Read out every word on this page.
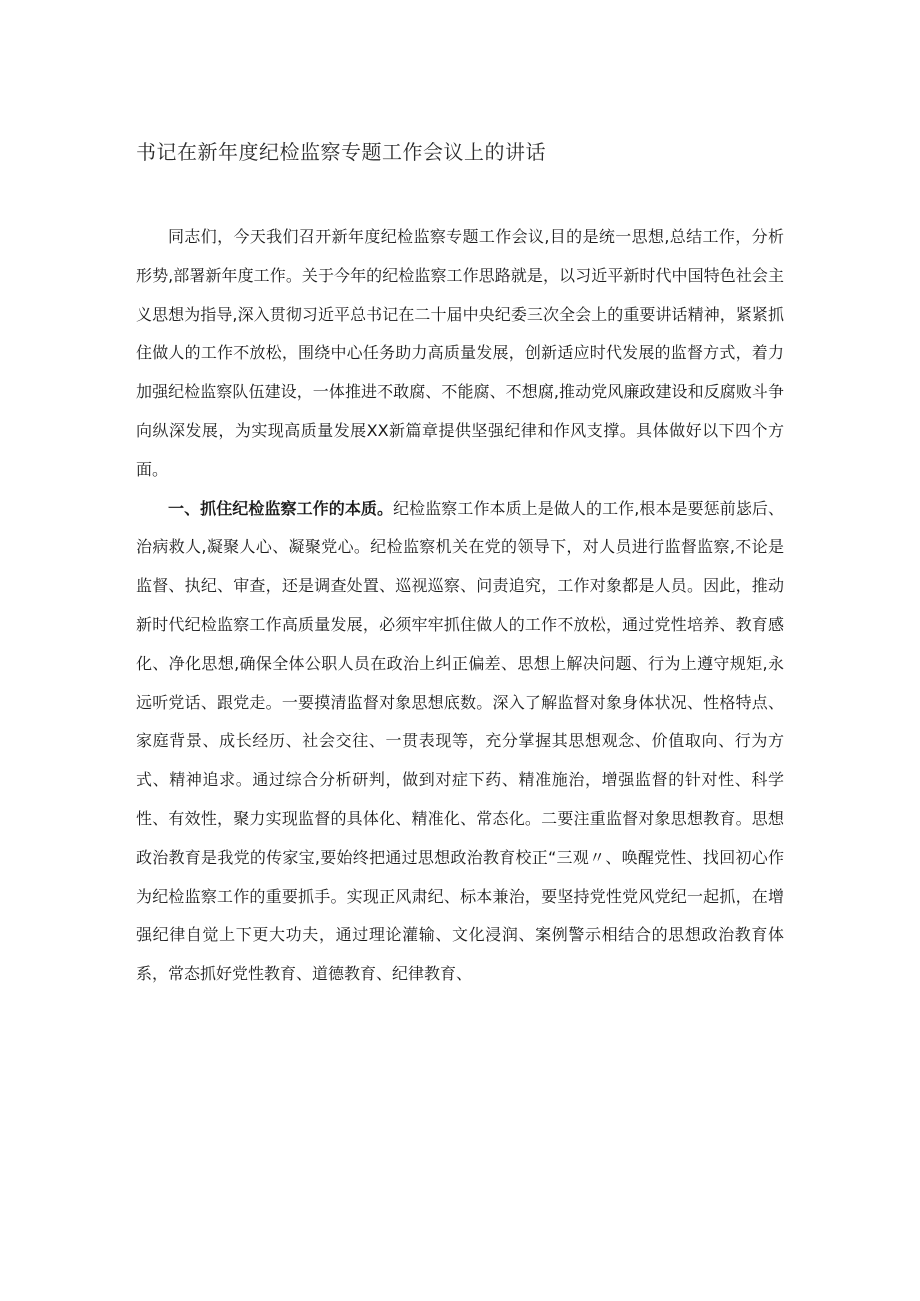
书记在新年度纪检监察专题工作会议上的讲话

同志们，今天我们召开新年度纪检监察专题工作会议,目的是统一思想,总结工作，分析形势,部署新年度工作。关于今年的纪检监察工作思路就是，以习近平新时代中国特色社会主义思想为指导,深入贯彻习近平总书记在二十届中央纪委三次全会上的重要讲话精神，紧紧抓住做人的工作不放松，围绕中心任务助力高质量发展，创新适应时代发展的监督方式，着力加强纪检监察队伍建设，一体推进不敢腐、不能腐、不想腐,推动党风廉政建设和反腐败斗争向纵深发展，为实现高质量发展XX新篇章提供坚强纪律和作风支撑。具体做好以下四个方面。

一、抓住纪检监察工作的本质。纪检监察工作本质上是做人的工作,根本是要惩前毖后、治病救人,凝聚人心、凝聚党心。纪检监察机关在党的领导下，对人员进行监督监察,不论是监督、执纪、审查，还是调查处置、巡视巡察、问责追究，工作对象都是人员。因此，推动新时代纪检监察工作高质量发展，必须牢牢抓住做人的工作不放松，通过党性培养、教育感化、净化思想,确保全体公职人员在政治上纠正偏差、思想上解决问题、行为上遵守规矩,永远听党话、跟党走。一要摸清监督对象思想底数。深入了解监督对象身体状况、性格特点、家庭背景、成长经历、社会交往、一贯表现等，充分掌握其思想观念、价值取向、行为方式、精神追求。通过综合分析研判，做到对症下药、精准施治，增强监督的针对性、科学性、有效性，聚力实现监督的具体化、精准化、常态化。二要注重监督对象思想教育。思想政治教育是我党的传家宝,要始终把通过思想政治教育校正“三观〃、唤醒党性、找回初心作为纪检监察工作的重要抓手。实现正风肃纪、标本兼治，要坚持党性党风党纪一起抓，在增强纪律自觉上下更大功夫，通过理论灌输、文化浸润、案例警示相结合的思想政治教育体系，常态抓好党性教育、道德教育、纪律教育、
